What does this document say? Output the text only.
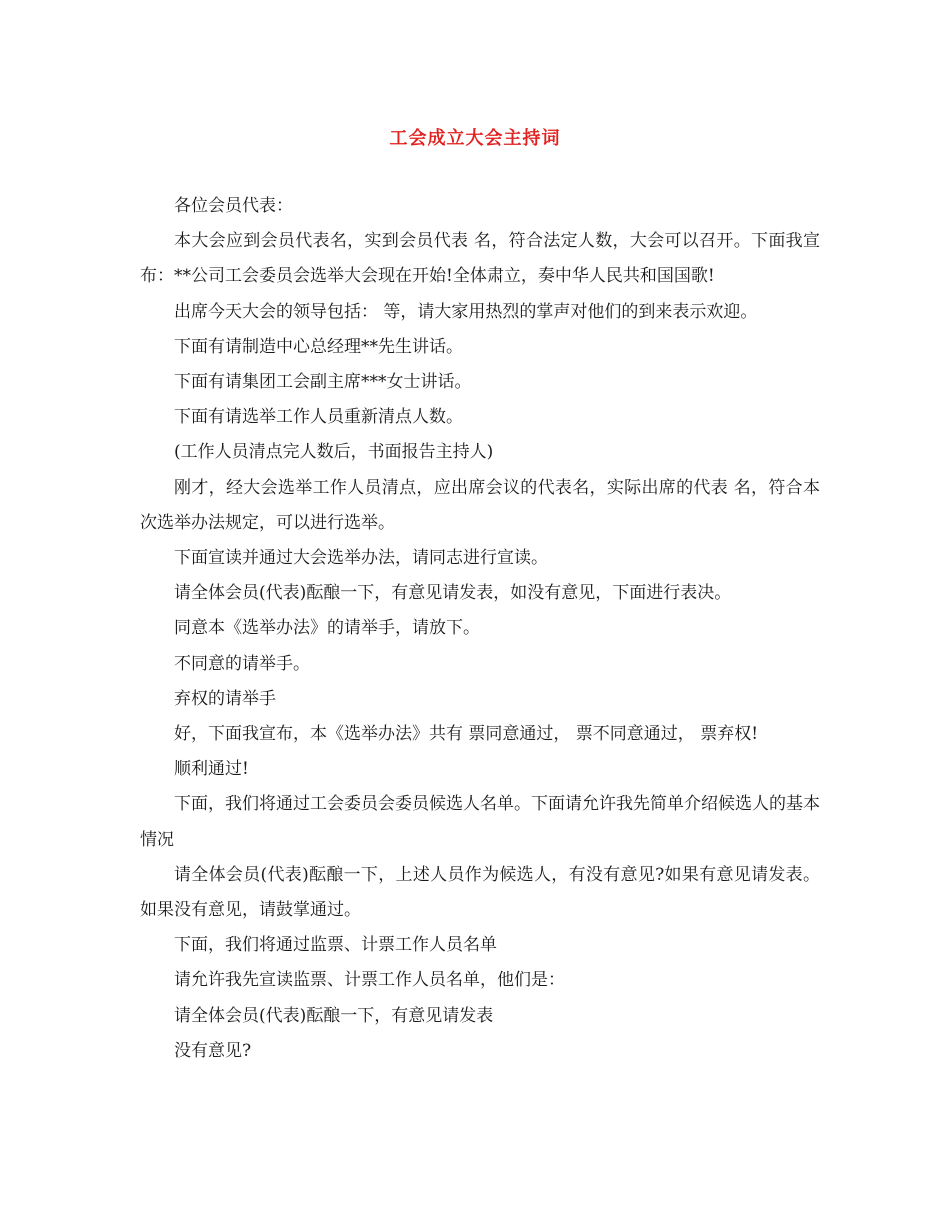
工会成立大会主持词

各位会员代表：

本大会应到会员代表名，实到会员代表 名，符合法定人数，大会可以召开。下面我宣布：**公司工会委员会选举大会现在开始!全体肃立，奏中华人民共和国国歌!

出席今天大会的领导包括： 等，请大家用热烈的掌声对他们的到来表示欢迎。

下面有请制造中心总经理**先生讲话。

下面有请集团工会副主席***女士讲话。

下面有请选举工作人员重新清点人数。

(工作人员清点完人数后，书面报告主持人)

刚才，经大会选举工作人员清点，应出席会议的代表名，实际出席的代表 名，符合本次选举办法规定，可以进行选举。

下面宣读并通过大会选举办法，请同志进行宣读。

请全体会员(代表)酝酿一下，有意见请发表，如没有意见，下面进行表决。

同意本《选举办法》的请举手，请放下。

不同意的请举手。

弃权的请举手

好，下面我宣布，本《选举办法》共有 票同意通过， 票不同意通过， 票弃权!

顺利通过!

下面，我们将通过工会委员会委员候选人名单。下面请允许我先简单介绍候选人的基本情况

请全体会员(代表)酝酿一下，上述人员作为候选人，有没有意见?如果有意见请发表。如果没有意见，请鼓掌通过。

下面，我们将通过监票、计票工作人员名单

请允许我先宣读监票、计票工作人员名单，他们是：

请全体会员(代表)酝酿一下，有意见请发表

没有意见?
